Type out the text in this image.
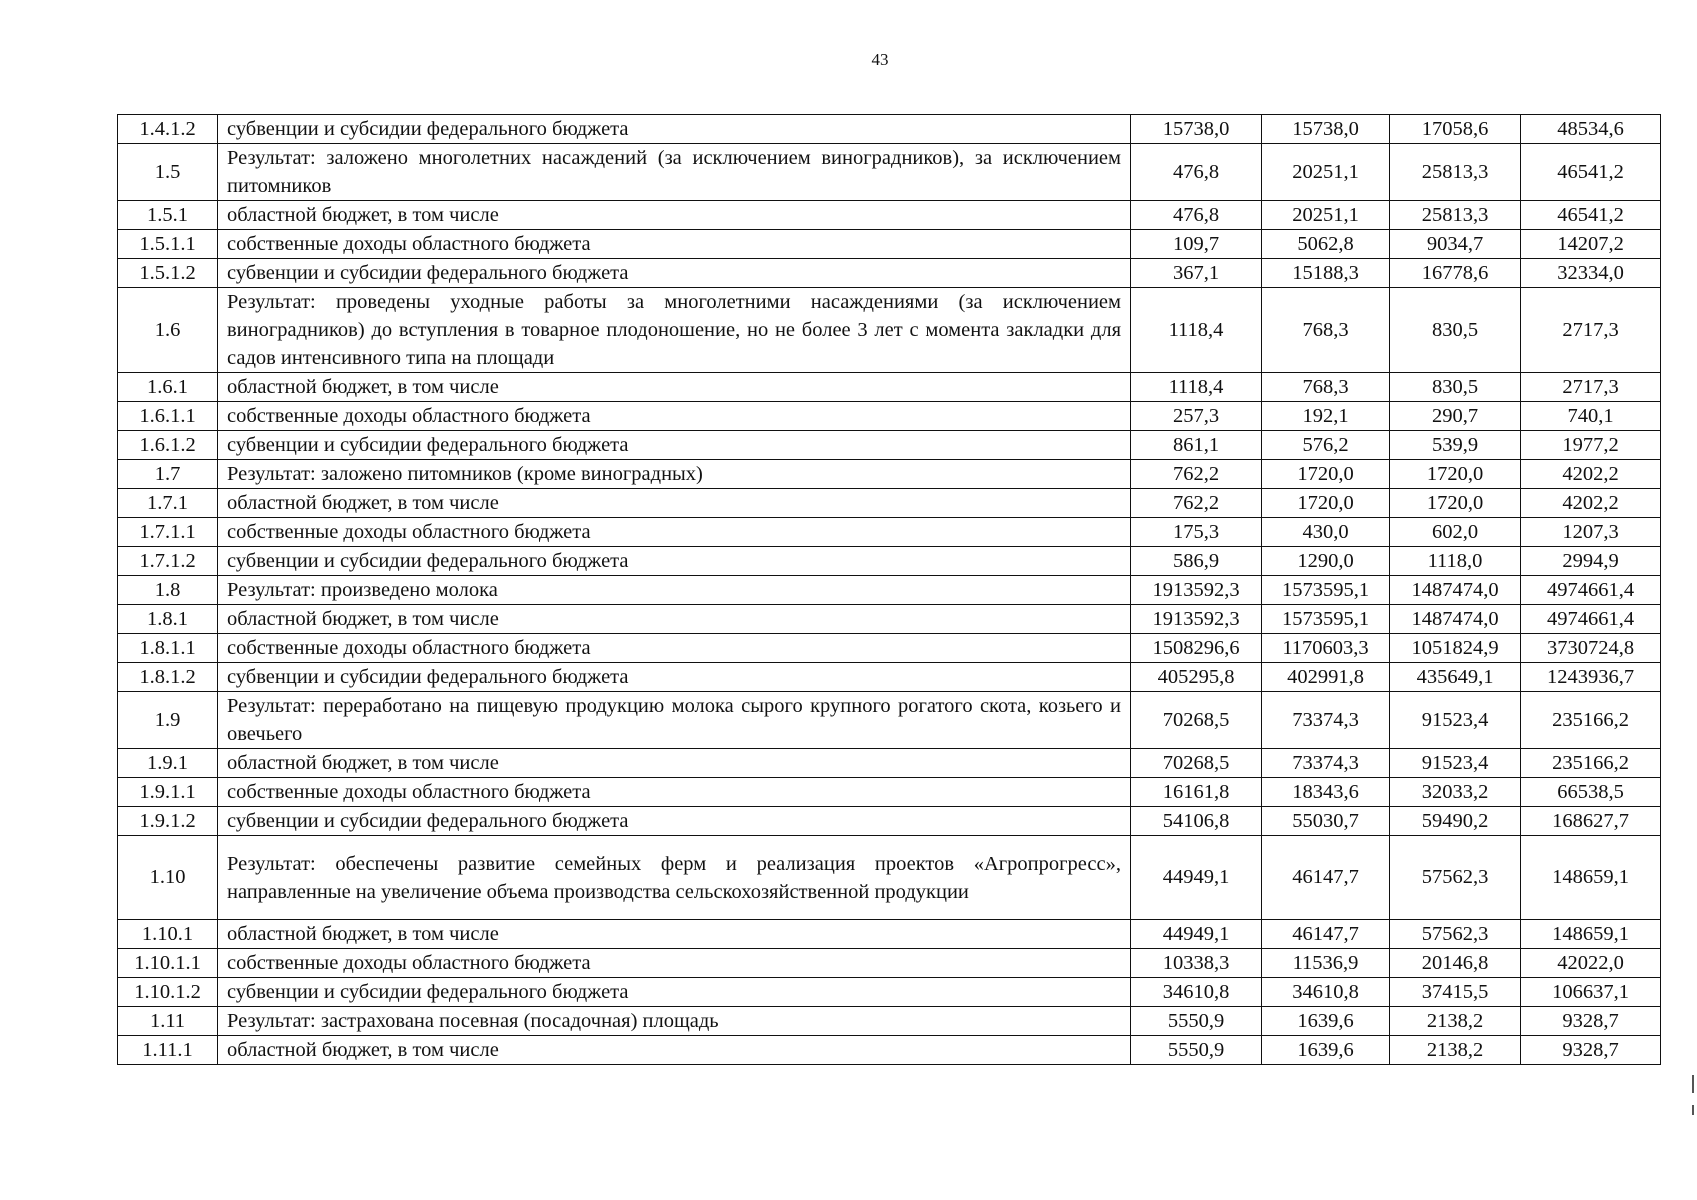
43
1.4.1.2	субвенции и субсидии федерального бюджета	15738,0	15738,0	17058,6	48534,6
1.5	Результат: заложено многолетних насаждений (за исключением виноградников), за исключением питомников	476,8	20251,1	25813,3	46541,2
1.5.1	областной бюджет, в том числе	476,8	20251,1	25813,3	46541,2
1.5.1.1	собственные доходы областного бюджета	109,7	5062,8	9034,7	14207,2
1.5.1.2	субвенции и субсидии федерального бюджета	367,1	15188,3	16778,6	32334,0
1.6	Результат: проведены уходные работы за многолетними насаждениями (за исключением виноградников) до вступления в товарное плодоношение, но не более 3 лет с момента закладки для садов интенсивного типа на площади	1118,4	768,3	830,5	2717,3
1.6.1	областной бюджет, в том числе	1118,4	768,3	830,5	2717,3
1.6.1.1	собственные доходы областного бюджета	257,3	192,1	290,7	740,1
1.6.1.2	субвенции и субсидии федерального бюджета	861,1	576,2	539,9	1977,2
1.7	Результат: заложено питомников (кроме виноградных)	762,2	1720,0	1720,0	4202,2
1.7.1	областной бюджет, в том числе	762,2	1720,0	1720,0	4202,2
1.7.1.1	собственные доходы областного бюджета	175,3	430,0	602,0	1207,3
1.7.1.2	субвенции и субсидии федерального бюджета	586,9	1290,0	1118,0	2994,9
1.8	Результат: произведено молока	1913592,3	1573595,1	1487474,0	4974661,4
1.8.1	областной бюджет, в том числе	1913592,3	1573595,1	1487474,0	4974661,4
1.8.1.1	собственные доходы областного бюджета	1508296,6	1170603,3	1051824,9	3730724,8
1.8.1.2	субвенции и субсидии федерального бюджета	405295,8	402991,8	435649,1	1243936,7
1.9	Результат: переработано на пищевую продукцию молока сырого крупного рогатого скота, козьего и овечьего	70268,5	73374,3	91523,4	235166,2
1.9.1	областной бюджет, в том числе	70268,5	73374,3	91523,4	235166,2
1.9.1.1	собственные доходы областного бюджета	16161,8	18343,6	32033,2	66538,5
1.9.1.2	субвенции и субсидии федерального бюджета	54106,8	55030,7	59490,2	168627,7
1.10	Результат: обеспечены развитие семейных ферм и реализация проектов «Агропрогресс», направленные на увеличение объема производства сельскохозяйственной продукции	44949,1	46147,7	57562,3	148659,1
1.10.1	областной бюджет, в том числе	44949,1	46147,7	57562,3	148659,1
1.10.1.1	собственные доходы областного бюджета	10338,3	11536,9	20146,8	42022,0
1.10.1.2	субвенции и субсидии федерального бюджета	34610,8	34610,8	37415,5	106637,1
1.11	Результат: застрахована посевная (посадочная) площадь	5550,9	1639,6	2138,2	9328,7
1.11.1	областной бюджет, в том числе	5550,9	1639,6	2138,2	9328,7
